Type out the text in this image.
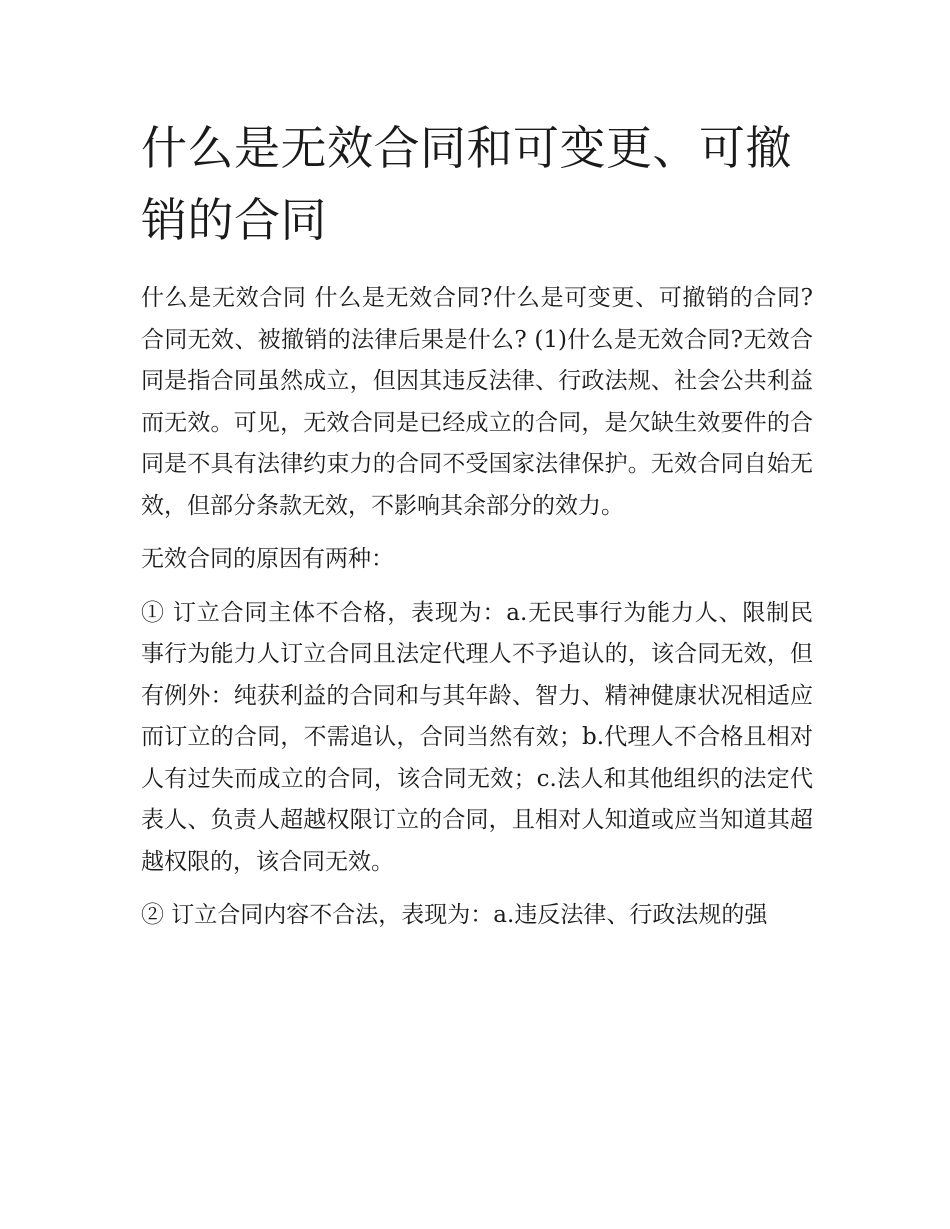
什么是无效合同和可变更、可撤销的合同

什么是无效合同 什么是无效合同?什么是可变更、可撤销的合同?合同无效、被撤销的法律后果是什么? (1)什么是无效合同?无效合同是指合同虽然成立，但因其违反法律、行政法规、社会公共利益而无效。可见，无效合同是已经成立的合同，是欠缺生效要件的合同是不具有法律约束力的合同不受国家法律保护。无效合同自始无效，但部分条款无效，不影响其余部分的效力。

无效合同的原因有两种：

① 订立合同主体不合格，表现为：a.无民事行为能力人、限制民事行为能力人订立合同且法定代理人不予追认的，该合同无效，但有例外：纯获利益的合同和与其年龄、智力、精神健康状况相适应而订立的合同，不需追认，合同当然有效；b.代理人不合格且相对人有过失而成立的合同，该合同无效；c.法人和其他组织的法定代表人、负责人超越权限订立的合同，且相对人知道或应当知道其超越权限的，该合同无效。

② 订立合同内容不合法，表现为：a.违反法律、行政法规的强
